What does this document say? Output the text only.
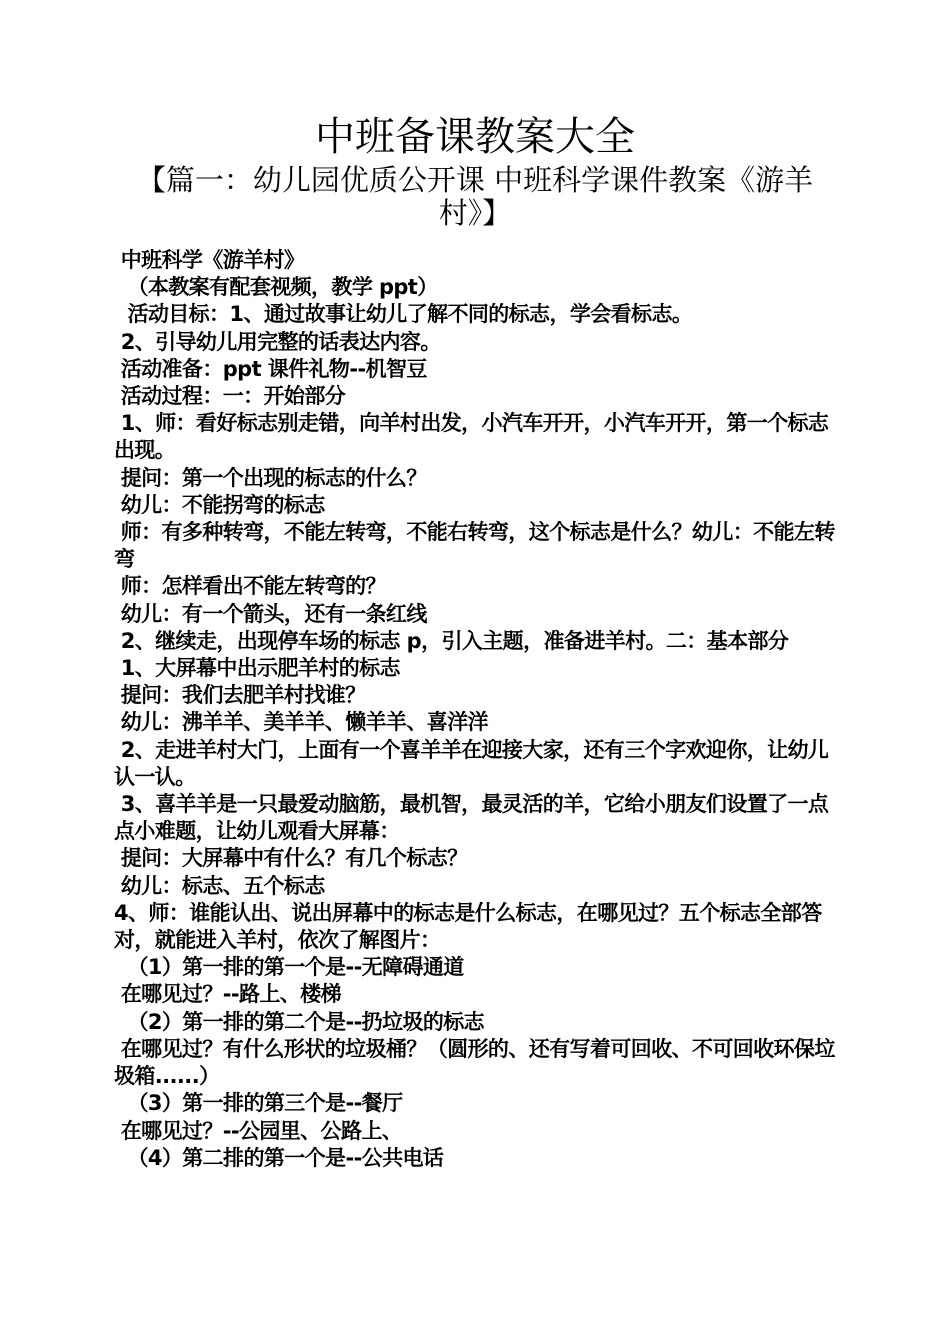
中班备课教案大全
【篇一：幼儿园优质公开课 中班科学课件教案《游羊村》】
中班科学《游羊村》
（本教案有配套视频，教学 ppt）
活动目标：1、通过故事让幼儿了解不同的标志，学会看标志。
2、引导幼儿用完整的话表达内容。
活动准备：ppt 课件礼物--机智豆
活动过程：一：开始部分
1、师：看好标志别走错，向羊村出发，小汽车开开，小汽车开开，第一个标志出现。
提问：第一个出现的标志的什么？
幼儿：不能拐弯的标志
师：有多种转弯，不能左转弯，不能右转弯，这个标志是什么？幼儿：不能左转弯
师：怎样看出不能左转弯的？
幼儿：有一个箭头，还有一条红线
2、继续走，出现停车场的标志 p，引入主题，准备进羊村。二：基本部分
1、大屏幕中出示肥羊村的标志
提问：我们去肥羊村找谁？
幼儿：沸羊羊、美羊羊、懒羊羊、喜洋洋
2、走进羊村大门，上面有一个喜羊羊在迎接大家，还有三个字欢迎你，让幼儿认一认。
3、喜羊羊是一只最爱动脑筋，最机智，最灵活的羊，它给小朋友们设置了一点点小难题，让幼儿观看大屏幕：
提问：大屏幕中有什么？有几个标志？
幼儿：标志、五个标志
4、师：谁能认出、说出屏幕中的标志是什么标志，在哪见过？五个标志全部答对，就能进入羊村，依次了解图片：
（1）第一排的第一个是--无障碍通道
在哪见过？--路上、楼梯
（2）第一排的第二个是--扔垃圾的标志
在哪见过？有什么形状的垃圾桶？（圆形的、还有写着可回收、不可回收环保垃圾箱......）
（3）第一排的第三个是--餐厅
在哪见过？--公园里、公路上、
（4）第二排的第一个是--公共电话
